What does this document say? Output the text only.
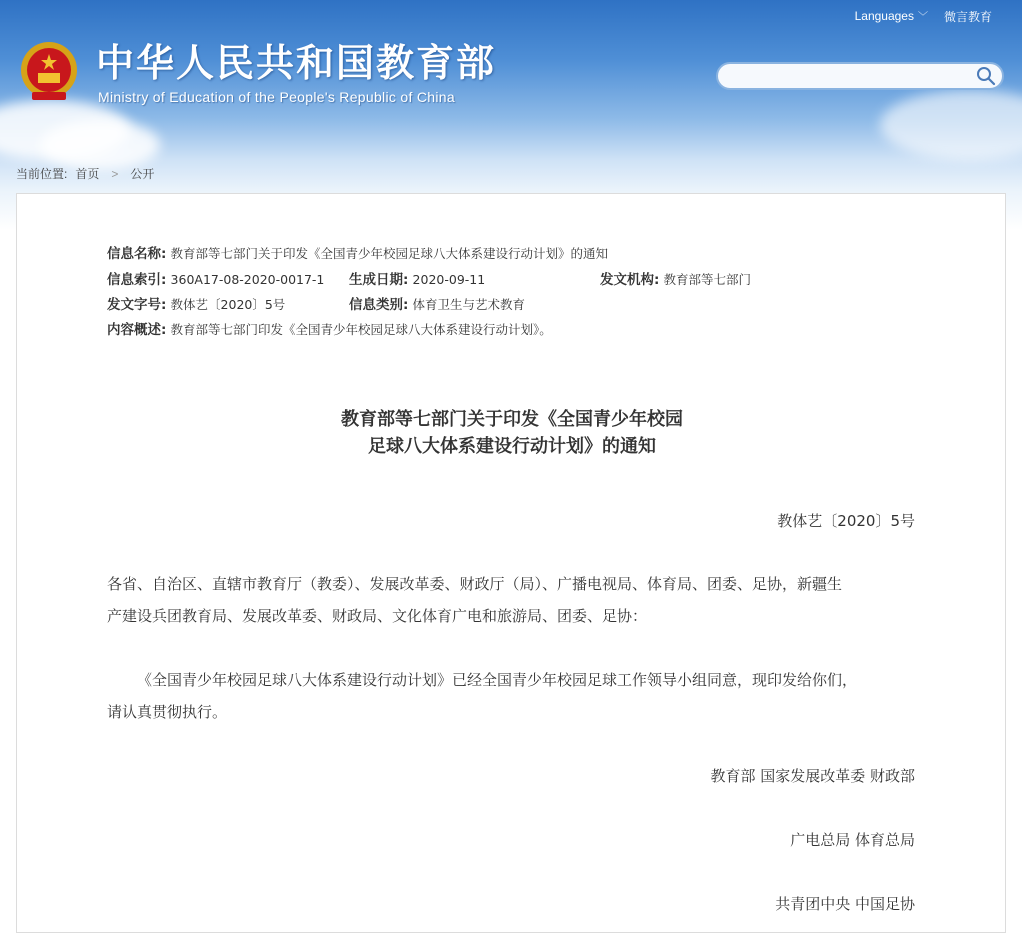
中华人民共和国教育部
Ministry of Education of the People's Republic of China
Languages ﹀ 微言教育
当前位置: 首页 > 公开
信息名称: 教育部等七部门关于印发《全国青少年校园足球八大体系建设行动计划》的通知
信息索引: 360A17-08-2020-0017-1 生成日期: 2020-09-11	发文机构: 教育部等七部门
发文字号: 教体艺〔2020〕5号	信息类别: 体育卫生与艺术教育
内容概述: 教育部等七部门印发《全国青少年校园足球八大体系建设行动计划》。
教育部等七部门关于印发《全国青少年校园
足球八大体系建设行动计划》的通知
教体艺〔2020〕5号
各省、自治区、直辖市教育厅（教委）、发展改革委、财政厅（局）、广播电视局、体育局、团委、足协，新疆生
产建设兵团教育局、发展改革委、财政局、文化体育广电和旅游局、团委、足协：
《全国青少年校园足球八大体系建设行动计划》已经全国青少年校园足球工作领导小组同意，现印发给你们，
请认真贯彻执行。
教育部 国家发展改革委 财政部
广电总局 体育总局
共青团中央 中国足协
